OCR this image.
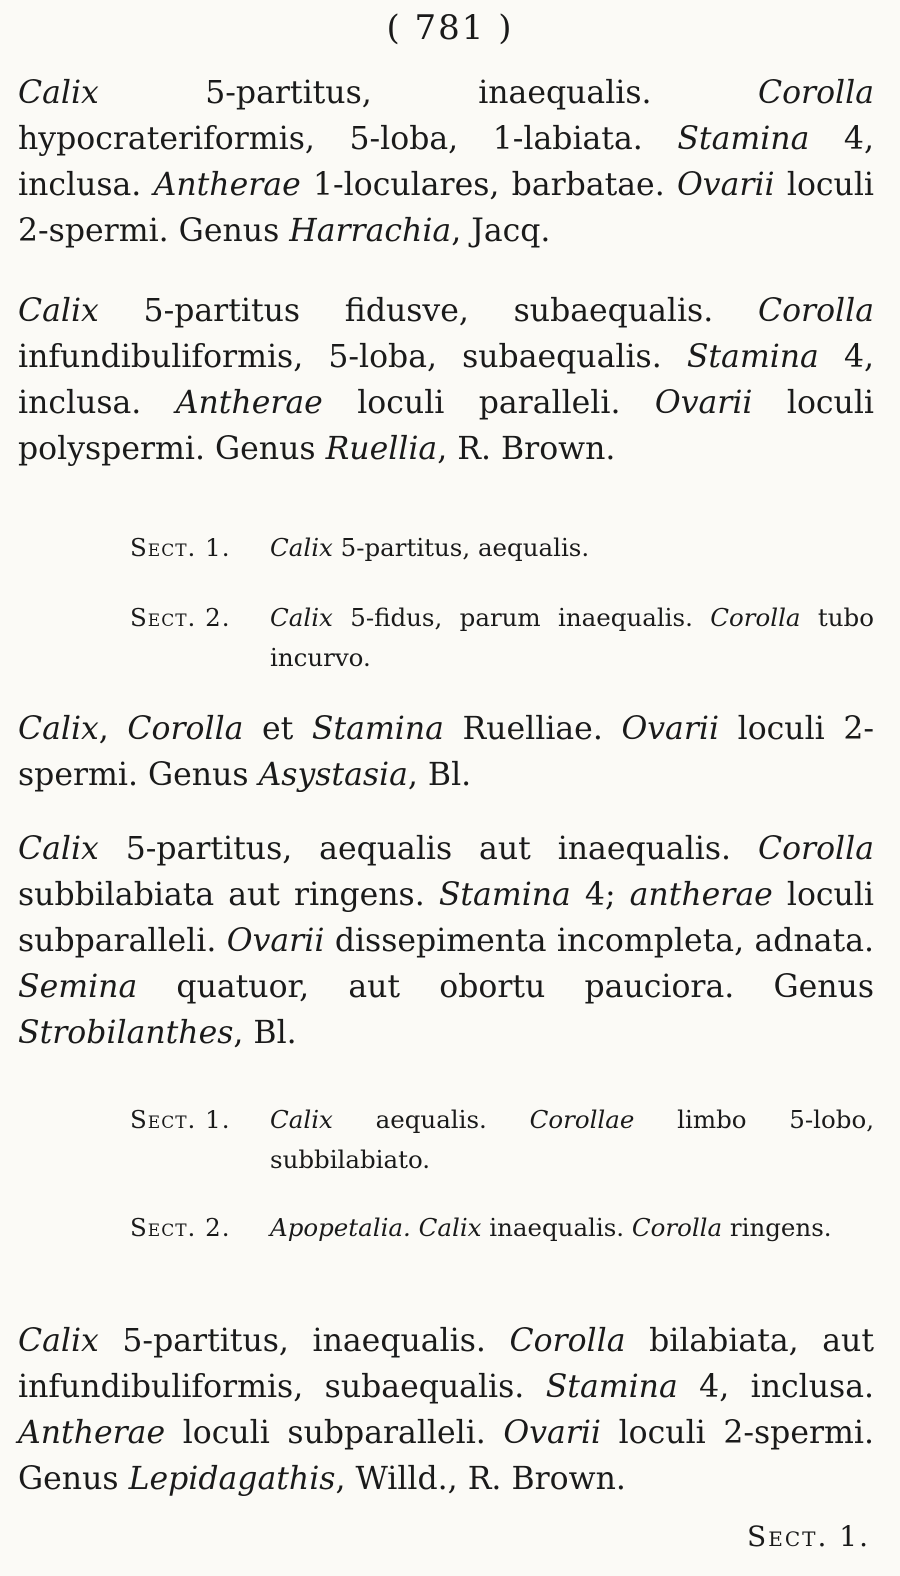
( 781 )
Calix 5-partitus, inaequalis. Corolla hypocrateriformis, 5-loba, 1-labiata. Stamina 4, inclusa. Antherae 1-loculares, barbatae. Ovarii loculi 2-spermi. Genus Harrachia, Jacq.
Calix 5-partitus fidusve, subaequalis. Corolla infundibuliformis, 5-loba, subaequalis. Stamina 4, inclusa. Antherae loculi paralleli. Ovarii loculi polyspermi. Genus Ruellia, R. Brown.
Sect. 1.	Calix 5-partitus, aequalis.
Sect. 2.	Calix 5-fidus, parum inaequalis. Corolla tubo incurvo.
Calix, Corolla et Stamina Ruelliae. Ovarii loculi 2-spermi. Genus Asystasia, Bl.
Calix 5-partitus, aequalis aut inaequalis. Corolla subbilabiata aut ringens. Stamina 4; antherae loculi subparalleli. Ovarii dissepimenta incompleta, adnata. Semina quatuor, aut obortu pauciora. Genus Strobilanthes, Bl.
Sect. 1.	Calix aequalis. Corollae limbo 5-lobo, subbilabiato.
Sect. 2.	Apopetalia. Calix inaequalis. Corolla ringens.
Calix 5-partitus, inaequalis. Corolla bilabiata, aut infundibuliformis, subaequalis. Stamina 4, inclusa. Antherae loculi subparalleli. Ovarii loculi 2-spermi. Genus Lepidagathis, Willd., R. Brown.
Sect. 1.
